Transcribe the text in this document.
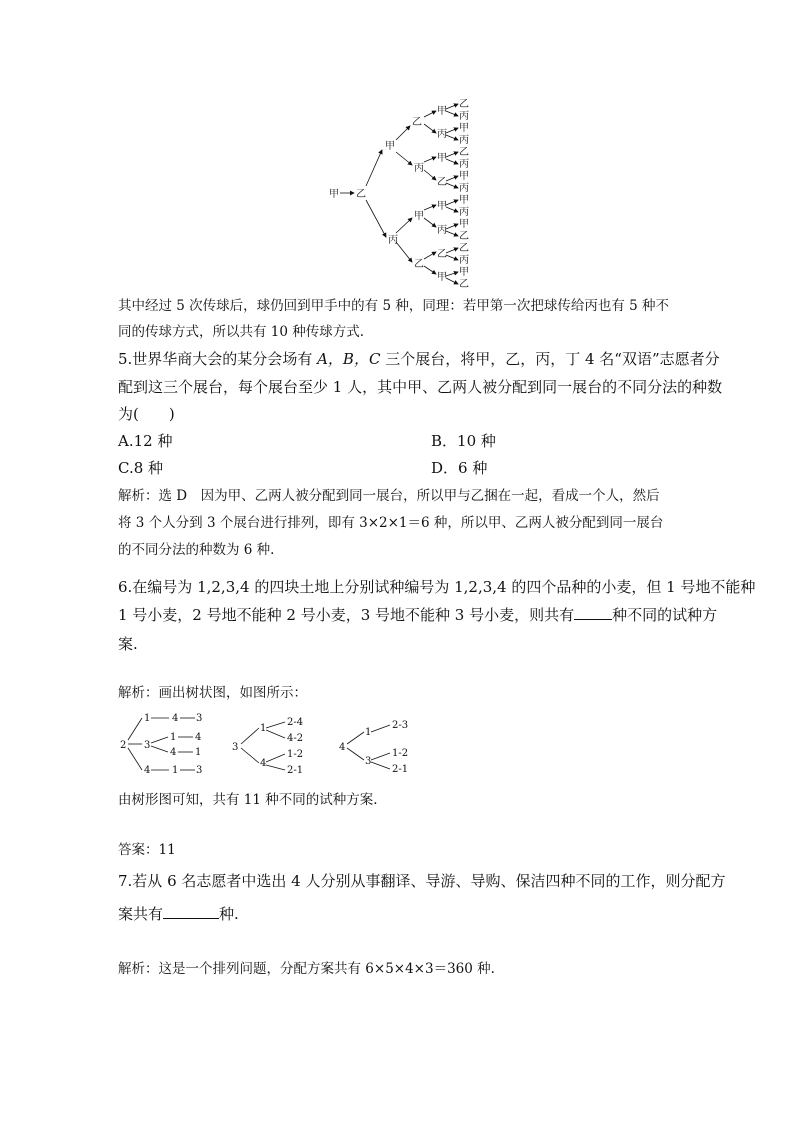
甲 乙
甲
丙
乙
丙
甲
乙
甲
丙
甲
乙
甲
丙
乙
甲
乙
丙
甲
丙
乙
丙
甲
丙
甲
丙
甲
乙
乙
丙
甲
乙
其中经过 5 次传球后，球仍回到甲手中的有 5 种，同理：若甲第一次把球传给丙也有 5 种不
同的传球方式，所以共有 10 种传球方式.
5.世界华商大会的某分会场有 A，B，C 三个展台，将甲，乙，丙，丁 4 名“双语”志愿者分
配到这三个展台，每个展台至少 1 人，其中甲、乙两人被分配到同一展台的不同分法的种数
为(　　)
A.12 种	B．10 种
C.8 种	D．6 种
解析：选 D　因为甲、乙两人被分配到同一展台，所以甲与乙捆在一起，看成一个人，然后
将 3 个人分到 3 个展台进行排列，即有 3×2×1＝6 种，所以甲、乙两人被分配到同一展台
的不同分法的种数为 6 种.
6.在编号为 1,2,3,4 的四块土地上分别试种编号为 1,2,3,4 的四个品种的小麦，但 1 号地不能种
1 号小麦，2 号地不能种 2 号小麦，3 号地不能种 3 号小麦，则共有	种不同的试种方
案.
解析：画出树状图，如图所示：
2
1 4 3
3
1 4
4 1
4 1 3
3
1
2-4
4-2
4
1-2
2-1
4
1
2-3
3
1-2
2-1
由树形图可知，共有 11 种不同的试种方案.
答案：11
7.若从 6 名志愿者中选出 4 人分别从事翻译、导游、导购、保洁四种不同的工作，则分配方
案共有	种.
解析：这是一个排列问题，分配方案共有 6×5×4×3＝360 种.
